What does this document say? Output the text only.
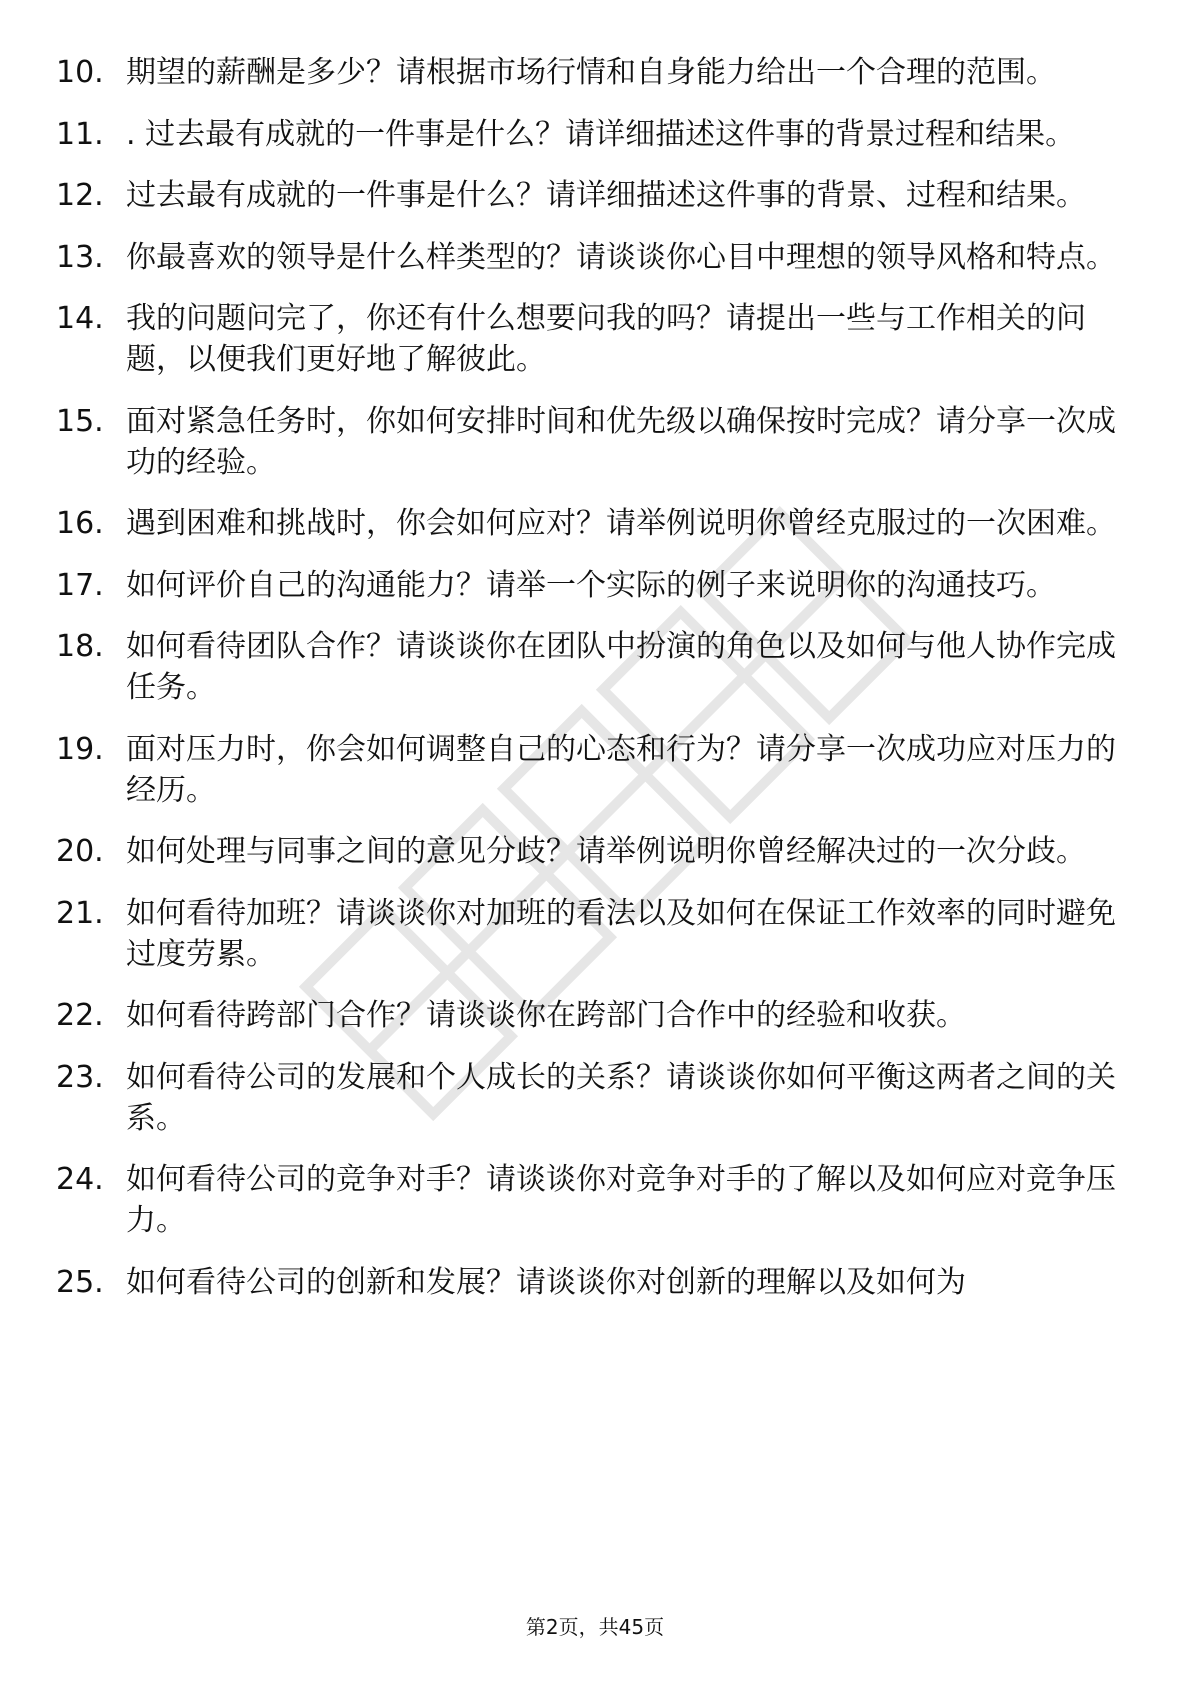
10. 期望的薪酬是多少？请根据市场行情和自身能力给出一个合理的范围。
11. . 过去最有成就的一件事是什么？请详细描述这件事的背景过程和结果。
12. 过去最有成就的一件事是什么？请详细描述这件事的背景、过程和结果。
13. 你最喜欢的领导是什么样类型的？请谈谈你心目中理想的领导风格和特点。
14. 我的问题问完了，你还有什么想要问我的吗？请提出一些与工作相关的问题，以便我们更好地了解彼此。
15. 面对紧急任务时，你如何安排时间和优先级以确保按时完成？请分享一次成功的经验。
16. 遇到困难和挑战时，你会如何应对？请举例说明你曾经克服过的一次困难。
17. 如何评价自己的沟通能力？请举一个实际的例子来说明你的沟通技巧。
18. 如何看待团队合作？请谈谈你在团队中扮演的角色以及如何与他人协作完成任务。
19. 面对压力时，你会如何调整自己的心态和行为？请分享一次成功应对压力的经历。
20. 如何处理与同事之间的意见分歧？请举例说明你曾经解决过的一次分歧。
21. 如何看待加班？请谈谈你对加班的看法以及如何在保证工作效率的同时避免过度劳累。
22. 如何看待跨部门合作？请谈谈你在跨部门合作中的经验和收获。
23. 如何看待公司的发展和个人成长的关系？请谈谈你如何平衡这两者之间的关系。
24. 如何看待公司的竞争对手？请谈谈你对竞争对手的了解以及如何应对竞争压力。
25. 如何看待公司的创新和发展？请谈谈你对创新的理解以及如何为
第2页，共45页
